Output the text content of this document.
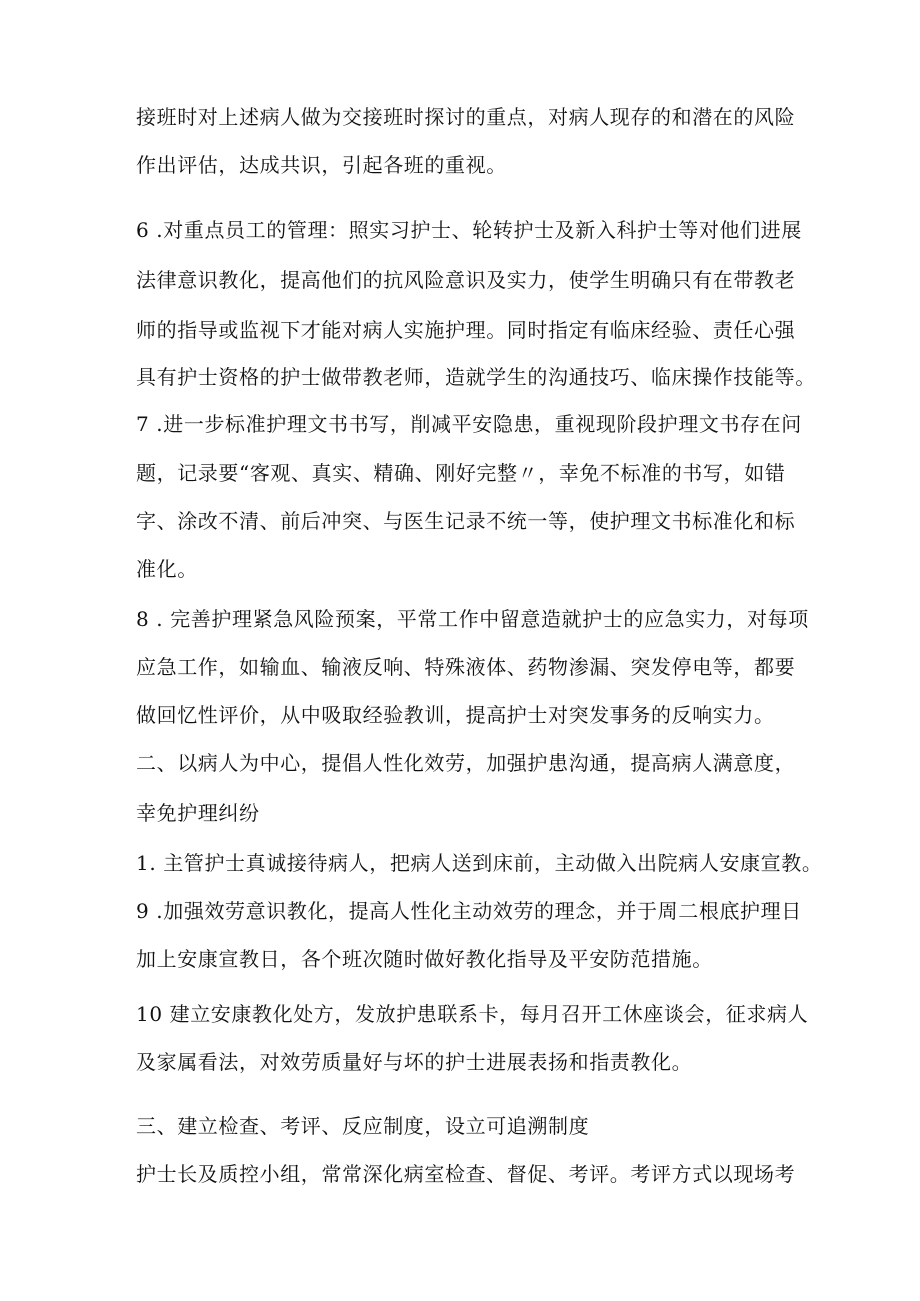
接班时对上述病人做为交接班时探讨的重点，对病人现存的和潜在的风险
作出评估，达成共识，引起各班的重视。
6 .对重点员工的管理：照实习护士、轮转护士及新入科护士等对他们进展
法律意识教化，提高他们的抗风险意识及实力，使学生明确只有在带教老
师的指导或监视下才能对病人实施护理。同时指定有临床经验、责任心强
具有护士资格的护士做带教老师，造就学生的沟通技巧、临床操作技能等。
7 .进一步标准护理文书书写，削减平安隐患，重视现阶段护理文书存在问
题，记录要“客观、真实、精确、刚好完整〃，幸免不标准的书写，如错
字、涂改不清、前后冲突、与医生记录不统一等，使护理文书标准化和标
准化。
8 . 完善护理紧急风险预案，平常工作中留意造就护士的应急实力，对每项
应急工作，如输血、输液反响、特殊液体、药物渗漏、突发停电等，都要
做回忆性评价，从中吸取经验教训，提高护士对突发事务的反响实力。
二、以病人为中心，提倡人性化效劳，加强护患沟通，提高病人满意度，
幸免护理纠纷
1. 主管护士真诚接待病人，把病人送到床前，主动做入出院病人安康宣教。
9 .加强效劳意识教化，提高人性化主动效劳的理念，并于周二根底护理日
加上安康宣教日，各个班次随时做好教化指导及平安防范措施。
10 建立安康教化处方，发放护患联系卡，每月召开工休座谈会，征求病人
及家属看法，对效劳质量好与坏的护士进展表扬和指责教化。
三、建立检查、考评、反应制度，设立可追溯制度
护士长及质控小组，常常深化病室检查、督促、考评。考评方式以现场考
